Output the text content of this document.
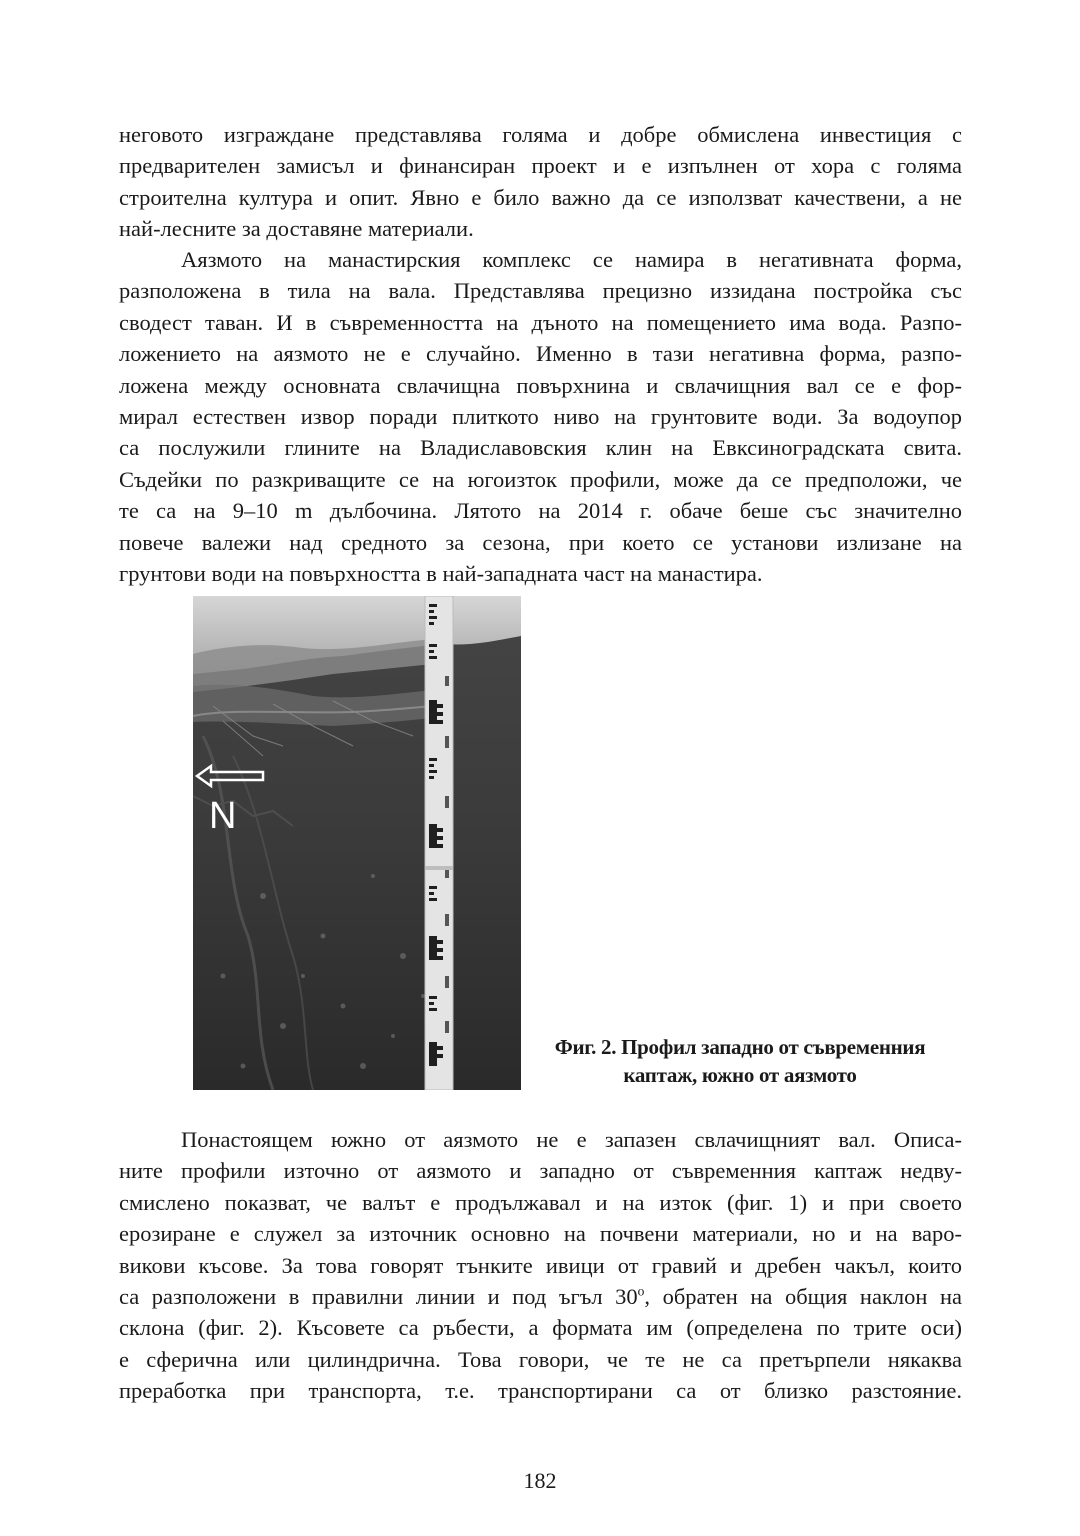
неговото изграждане представлява голяма и добре обмислена инвестиция с
предварителен замисъл и финансиран проект и е изпълнен от хора с голяма
строителна култура и опит. Явно е било важно да се използват качествени, а не
най-лесните за доставяне материали.
Аязмото на манастирския комплекс се намира в негативната форма,
разположена в тила на вала. Представлява прецизно иззидана постройка със
сводест таван. И в съвременността на дъното на помещението има вода. Разпо-
ложението на аязмото не е случайно. Именно в тази негативна форма, разпо-
ложена между основната свлачищна повърхнина и свлачищния вал се е фор-
мирал естествен извор поради плиткото ниво на грунтовите води. За водоупор
са послужили глините на Владиславовския клин на Евксиноградската свита.
Съдейки по разкриващите се на югоизток профили, може да се предположи, че
те са на 9–10 m дълбочина. Лятото на 2014 г. обаче беше със значително
повече валежи над средното за сезона, при което се установи излизане на
грунтови води на повърхността в най-западната част на манастира.
N
Фиг. 2. Профил западно от съвременния
каптаж, южно от аязмото
Понастоящем южно от аязмото не е запазен свлачищният вал. Описа-
ните профили източно от аязмото и западно от съвременния каптаж недву-
смислено показват, че валът е продължавал и на изток (фиг. 1) и при своето
ерозиране е служел за източник основно на почвени материали, но и на варо-
викови късове. За това говорят тънките ивици от гравий и дребен чакъл, които
са разположени в правилни линии и под ъгъл 30$^o$, обратен на общия наклон на
склона (фиг. 2). Късовете са ръбести, а формата им (определена по трите оси)
е сферична или цилиндрична. Това говори, че те не са претърпели някаква
преработка при транспорта, т.е. транспортирани са от близко разстояние.
182
